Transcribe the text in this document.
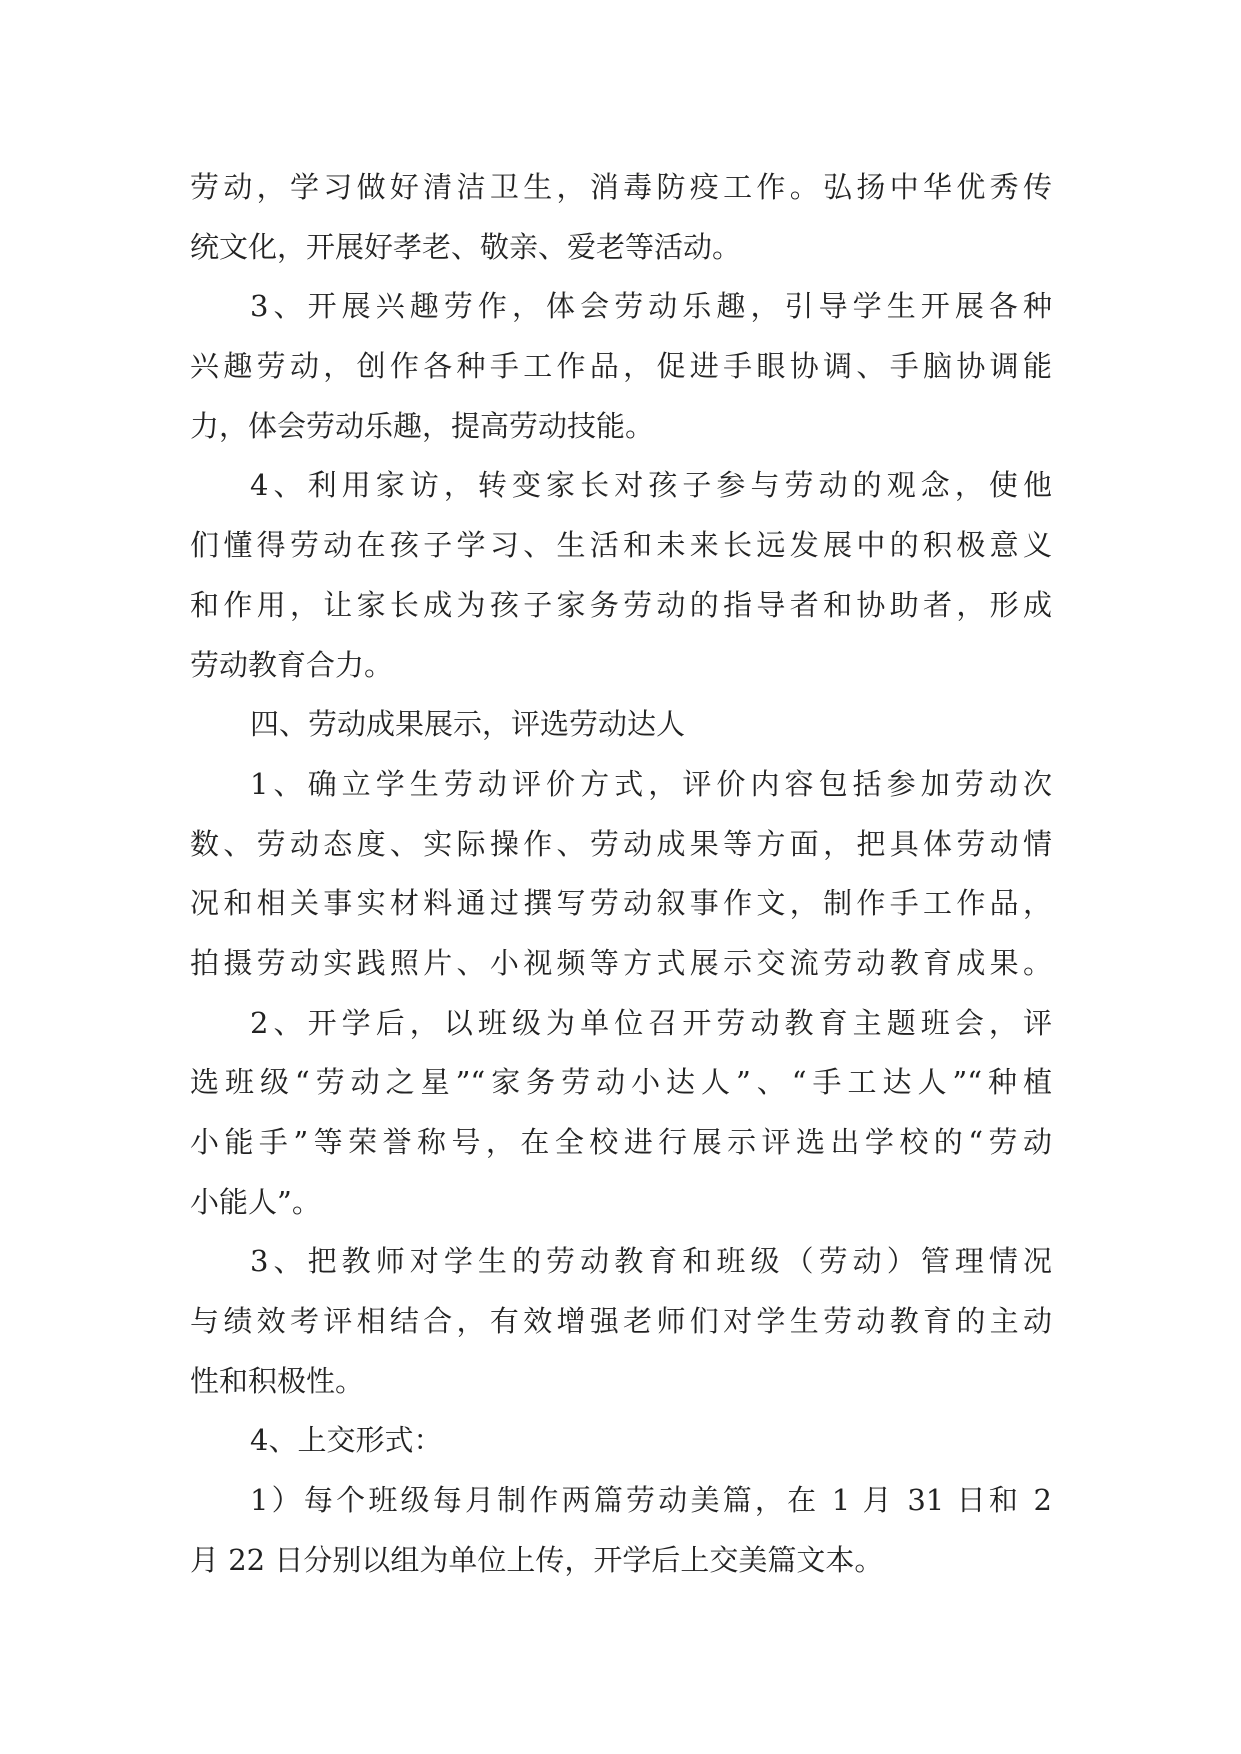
劳动，学习做好清洁卫生，消毒防疫工作。弘扬中华优秀传
统文化，开展好孝老、敬亲、爱老等活动。
3、开展兴趣劳作，体会劳动乐趣，引导学生开展各种
兴趣劳动，创作各种手工作品，促进手眼协调、手脑协调能
力，体会劳动乐趣，提高劳动技能。
4、利用家访，转变家长对孩子参与劳动的观念，使他
们懂得劳动在孩子学习、生活和未来长远发展中的积极意义
和作用，让家长成为孩子家务劳动的指导者和协助者，形成
劳动教育合力。
四、劳动成果展示，评选劳动达人
1、确立学生劳动评价方式，评价内容包括参加劳动次
数、劳动态度、实际操作、劳动成果等方面，把具体劳动情
况和相关事实材料通过撰写劳动叙事作文，制作手工作品，
拍摄劳动实践照片、小视频等方式展示交流劳动教育成果。
2、开学后，以班级为单位召开劳动教育主题班会，评
选班级“劳动之星”“家务劳动小达人”、“手工达人”“种植
小能手”等荣誉称号，在全校进行展示评选出学校的“劳动
小能人”。
3、把教师对学生的劳动教育和班级（劳动）管理情况
与绩效考评相结合，有效增强老师们对学生劳动教育的主动
性和积极性。
4、上交形式：
1）每个班级每月制作两篇劳动美篇，在 1 月 31 日和 2
月 22 日分别以组为单位上传，开学后上交美篇文本。
